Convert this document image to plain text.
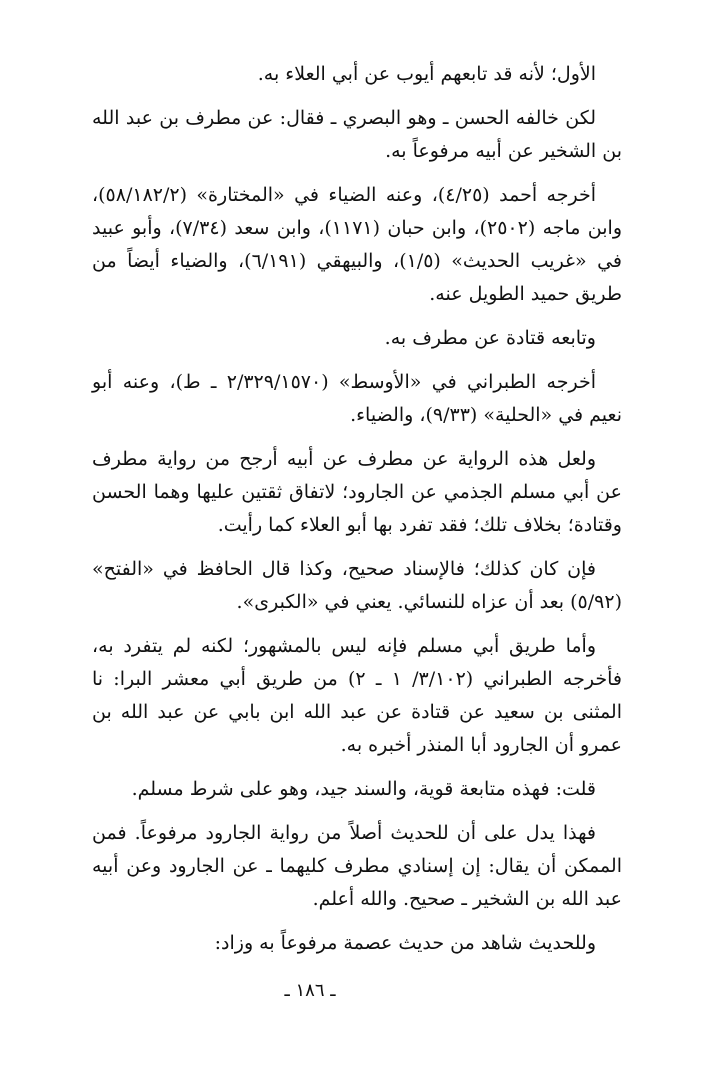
الأول؛ لأنه قد تابعهم أيوب عن أبي العلاء به.

لكن خالفه الحسن ـ وهو البصري ـ فقال: عن مطرف بن عبد الله بن الشخير عن أبيه مرفوعاً به.

أخرجه أحمد (٤/٢٥)، وعنه الضياء في «المختارة» (٥٨/١٨٢/٢)، وابن ماجه (٢٥٠٢)، وابن حبان (١١٧١)، وابن سعد (٧/٣٤)، وأبو عبيد في «غريب الحديث» (١/٥)، والبيهقي (٦/١٩١)، والضياء أيضاً من طريق حميد الطويل عنه.

وتابعه قتادة عن مطرف به.

أخرجه الطبراني في «الأوسط» (٢/٣٢٩/١٥٧٠ ـ ط)، وعنه أبو نعيم في «الحلية» (٩/٣٣)، والضياء.

ولعل هذه الرواية عن مطرف عن أبيه أرجح من رواية مطرف عن أبي مسلم الجذمي عن الجارود؛ لاتفاق ثقتين عليها وهما الحسن وقتادة؛ بخلاف تلك؛ فقد تفرد بها أبو العلاء كما رأيت.

فإن كان كذلك؛ فالإسناد صحيح، وكذا قال الحافظ في «الفتح» (٥/٩٢) بعد أن عزاه للنسائي. يعني في «الكبرى».

وأما طريق أبي مسلم فإنه ليس بالمشهور؛ لكنه لم يتفرد به، فأخرجه الطبراني (٣/١٠٢/ ١ ـ ٢) من طريق أبي معشر البرا: نا المثنى بن سعيد عن قتادة عن عبد الله ابن بابي عن عبد الله بن عمرو أن الجارود أبا المنذر أخبره به.

قلت: فهذه متابعة قوية، والسند جيد، وهو على شرط مسلم.

فهذا يدل على أن للحديث أصلاً من رواية الجارود مرفوعاً. فمن الممكن أن يقال: إن إسنادي مطرف كليهما ـ عن الجارود وعن أبيه عبد الله بن الشخير ـ صحيح. والله أعلم.

وللحديث شاهد من حديث عصمة مرفوعاً به وزاد:

ـ ١٨٦ ـ
